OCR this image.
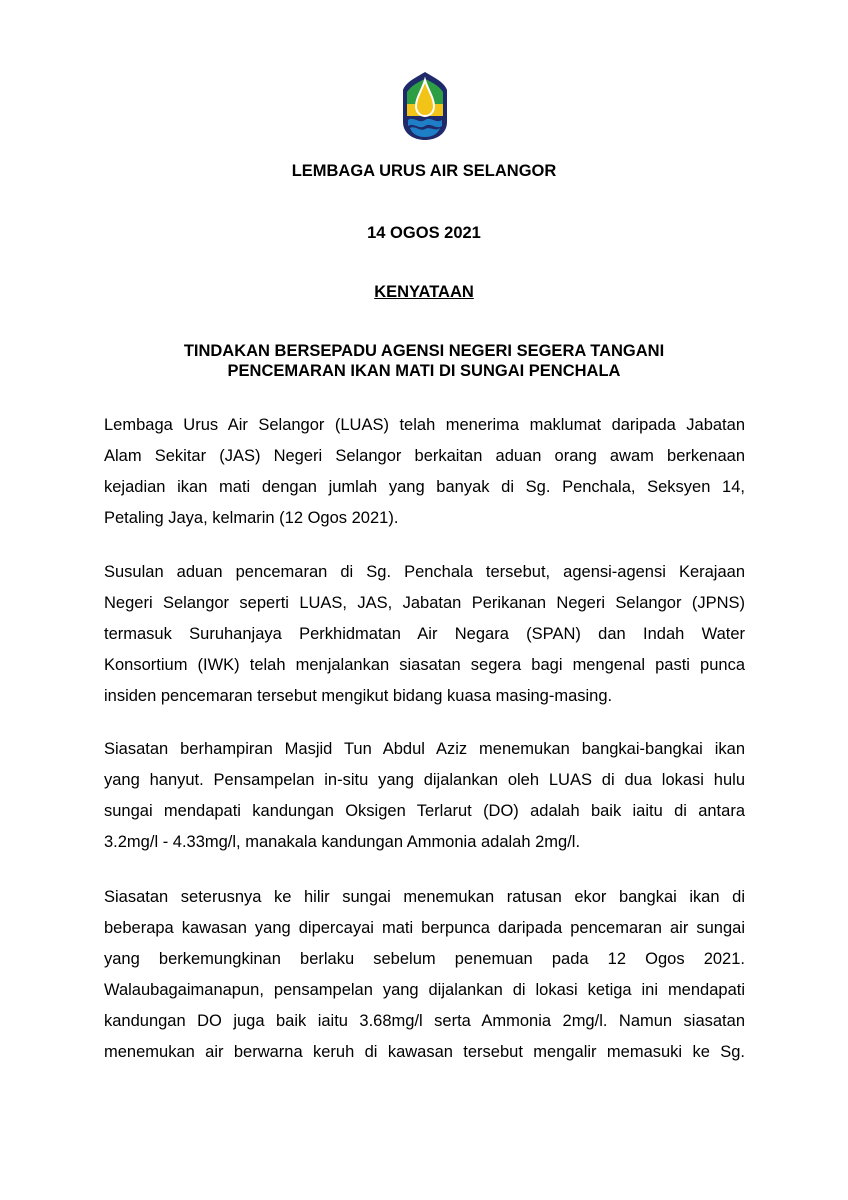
LEMBAGA URUS AIR SELANGOR

14 OGOS 2021

KENYATAAN

TINDAKAN BERSEPADU AGENSI NEGERI SEGERA TANGANI
PENCEMARAN IKAN MATI DI SUNGAI PENCHALA

Lembaga Urus Air Selangor (LUAS) telah menerima maklumat daripada Jabatan
Alam Sekitar (JAS) Negeri Selangor berkaitan aduan orang awam berkenaan
kejadian ikan mati dengan jumlah yang banyak di Sg. Penchala, Seksyen 14,
Petaling Jaya, kelmarin (12 Ogos 2021).
Susulan aduan pencemaran di Sg. Penchala tersebut, agensi-agensi Kerajaan
Negeri Selangor seperti LUAS, JAS, Jabatan Perikanan Negeri Selangor (JPNS)
termasuk Suruhanjaya Perkhidmatan Air Negara (SPAN) dan Indah Water
Konsortium (IWK) telah menjalankan siasatan segera bagi mengenal pasti punca
insiden pencemaran tersebut mengikut bidang kuasa masing-masing.
Siasatan berhampiran Masjid Tun Abdul Aziz menemukan bangkai-bangkai ikan
yang hanyut. Pensampelan in-situ yang dijalankan oleh LUAS di dua lokasi hulu
sungai mendapati kandungan Oksigen Terlarut (DO) adalah baik iaitu di antara
3.2mg/l - 4.33mg/l, manakala kandungan Ammonia adalah 2mg/l.
Siasatan seterusnya ke hilir sungai menemukan ratusan ekor bangkai ikan di
beberapa kawasan yang dipercayai mati berpunca daripada pencemaran air sungai
yang berkemungkinan berlaku sebelum penemuan pada 12 Ogos 2021.
Walaubagaimanapun, pensampelan yang dijalankan di lokasi ketiga ini mendapati
kandungan DO juga baik iaitu 3.68mg/l serta Ammonia 2mg/l. Namun siasatan
menemukan air berwarna keruh di kawasan tersebut mengalir memasuki ke Sg.
